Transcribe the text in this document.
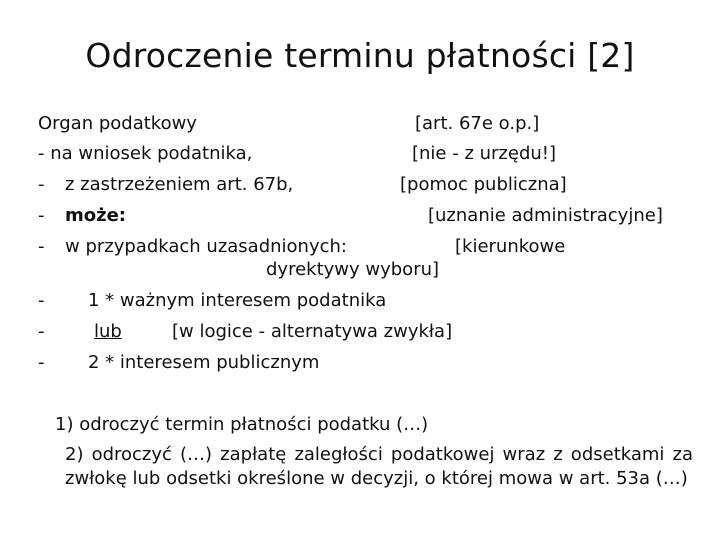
Odroczenie terminu płatności [2]
Organ podatkowy	[art. 67e o.p.]
- na wniosek podatnika,	[nie - z urzędu!]
- z zastrzeżeniem art. 67b,	[pomoc publiczna]
- może:	[uznanie administracyjne]
- w przypadkach uzasadnionych:	[kierunkowe
dyrektywy wyboru]
- 1 * ważnym interesem podatnika
-	lub	[w logice - alternatywa zwykła]
- 2 * interesem publicznym
1) odroczyć termin płatności podatku (…)
2) odroczyć (…) zapłatę zaległości podatkowej wraz z odsetkami za zwłokę lub odsetki określone w decyzji, o której mowa w art. 53a (…)
